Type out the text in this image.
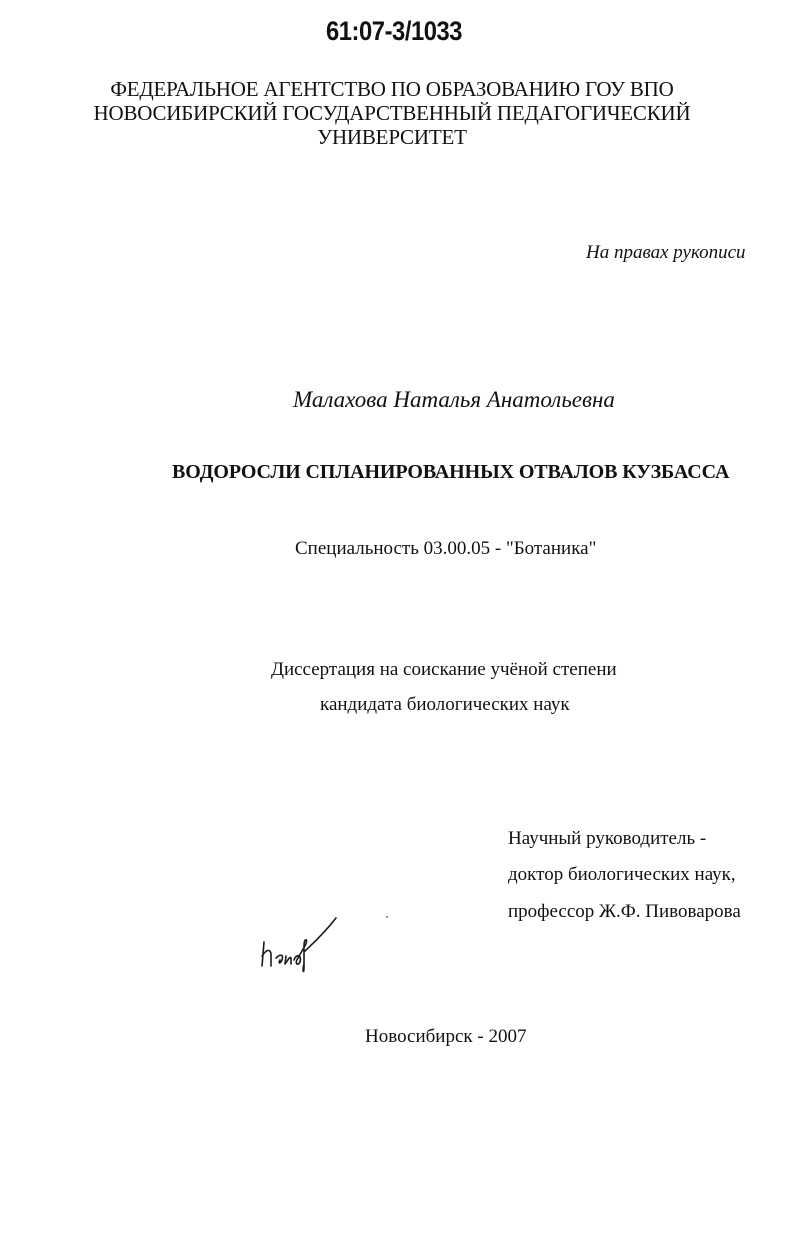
61:07-3/1033
ФЕДЕРАЛЬНОЕ АГЕНТСТВО ПО ОБРАЗОВАНИЮ ГОУ ВПО
НОВОСИБИРСКИЙ ГОСУДАРСТВЕННЫЙ ПЕДАГОГИЧЕСКИЙ
УНИВЕРСИТЕТ
На правах рукописи
Малахова Наталья Анатольевна
ВОДОРОСЛИ СПЛАНИРОВАННЫХ ОТВАЛОВ КУЗБАССА
Специальность 03.00.05 - "Ботаника"
Диссертация на соискание учёной степени
кандидата биологических наук
Научный руководитель -
доктор биологических наук,
профессор Ж.Ф. Пивоварова
Новосибирск - 2007
